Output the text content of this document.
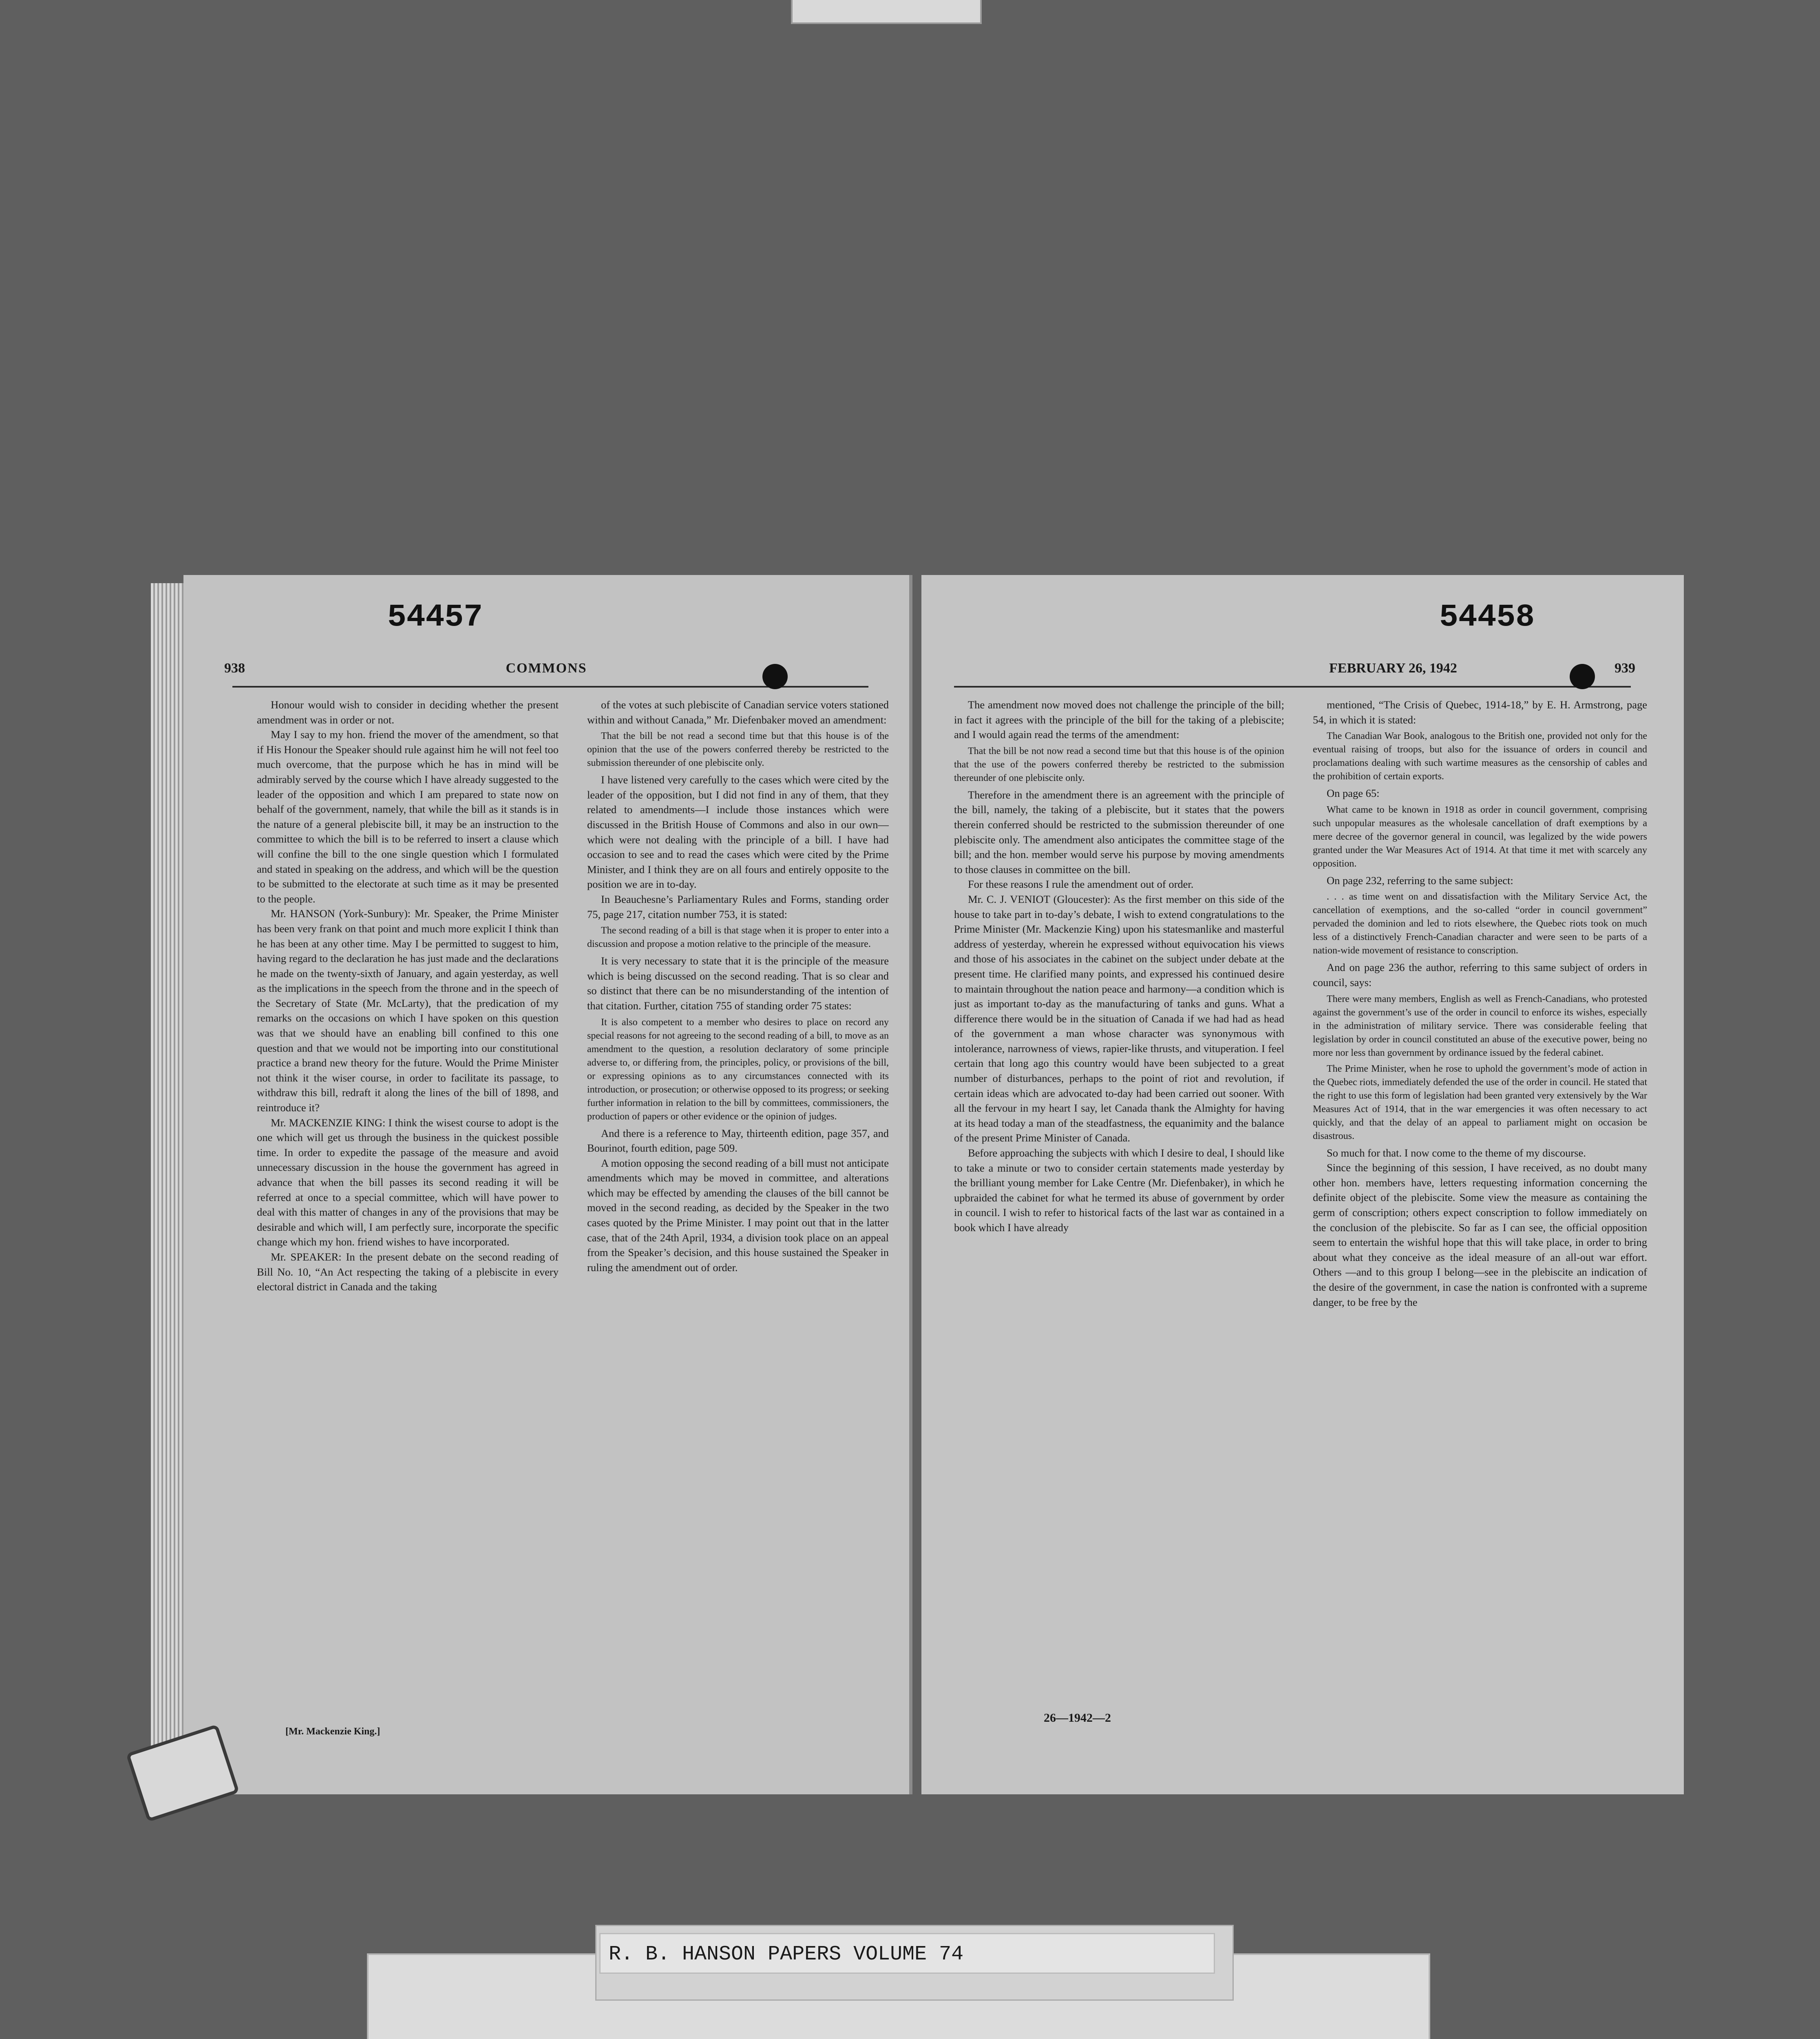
54457
938	COMMONS

Honour would wish to consider in deciding whether the present amendment was in order or not.

May I say to my hon. friend the mover of the amendment, so that if His Honour the Speaker should rule against him he will not feel too much overcome, that the purpose which he has in mind will be admirably served by the course which I have already suggested to the leader of the opposition and which I am prepared to state now on behalf of the government, namely, that while the bill as it stands is in the nature of a general plebiscite bill, it may be an instruction to the committee to which the bill is to be referred to insert a clause which will confine the bill to the one single question which I formulated and stated in speaking on the address, and which will be the question to be submitted to the electorate at such time as it may be presented to the people.

Mr. HANSON (York-Sunbury): Mr. Speaker, the Prime Minister has been very frank on that point and much more explicit I think than he has been at any other time. May I be permitted to suggest to him, having regard to the declaration he has just made and the declarations he made on the twenty-sixth of January, and again yesterday, as well as the implications in the speech from the throne and in the speech of the Secretary of State (Mr. McLarty), that the predication of my remarks on the occasions on which I have spoken on this question was that we should have an enabling bill confined to this one question and that we would not be importing into our constitutional practice a brand new theory for the future. Would the Prime Minister not think it the wiser course, in order to facilitate its passage, to withdraw this bill, redraft it along the lines of the bill of 1898, and reintroduce it?

Mr. MACKENZIE KING: I think the wisest course to adopt is the one which will get us through the business in the quickest possible time. In order to expedite the passage of the measure and avoid unnecessary discussion in the house the government has agreed in advance that when the bill passes its second reading it will be referred at once to a special committee, which will have power to deal with this matter of changes in any of the provisions that may be desirable and which will, I am perfectly sure, incorporate the specific change which my hon. friend wishes to have incorporated.

Mr. SPEAKER: In the present debate on the second reading of Bill No. 10, “An Act respecting the taking of a plebiscite in every electoral district in Canada and the taking

of the votes at such plebiscite of Canadian service voters stationed within and without Canada,” Mr. Diefenbaker moved an amendment:

That the bill be not read a second time but that this house is of the opinion that the use of the powers conferred thereby be restricted to the submission thereunder of one plebiscite only.

I have listened very carefully to the cases which were cited by the leader of the opposition, but I did not find in any of them, that they related to amendments—I include those instances which were discussed in the British House of Commons and also in our own—which were not dealing with the principle of a bill. I have had occasion to see and to read the cases which were cited by the Prime Minister, and I think they are on all fours and entirely opposite to the position we are in to-day.

In Beauchesne’s Parliamentary Rules and Forms, standing order 75, page 217, citation number 753, it is stated:

The second reading of a bill is that stage when it is proper to enter into a discussion and propose a motion relative to the principle of the measure.

It is very necessary to state that it is the principle of the measure which is being discussed on the second reading. That is so clear and so distinct that there can be no misunderstanding of the intention of that citation. Further, citation 755 of standing order 75 states:

It is also competent to a member who desires to place on record any special reasons for not agreeing to the second reading of a bill, to move as an amendment to the question, a resolution declaratory of some principle adverse to, or differing from, the principles, policy, or provisions of the bill, or expressing opinions as to any circumstances connected with its introduction, or prosecution; or otherwise opposed to its progress; or seeking further information in relation to the bill by committees, commissioners, the production of papers or other evidence or the opinion of judges.

And there is a reference to May, thirteenth edition, page 357, and Bourinot, fourth edition, page 509.

A motion opposing the second reading of a bill must not anticipate amendments which may be moved in committee, and alterations which may be effected by amending the clauses of the bill cannot be moved in the second reading, as decided by the Speaker in the two cases quoted by the Prime Minister. I may point out that in the latter case, that of the 24th April, 1934, a division took place on an appeal from the Speaker’s decision, and this house sustained the Speaker in ruling the amendment out of order.

[Mr. Mackenzie King.]
54458
FEBRUARY 26, 1942	939

The amendment now moved does not challenge the principle of the bill; in fact it agrees with the principle of the bill for the taking of a plebiscite; and I would again read the terms of the amendment:

That the bill be not now read a second time but that this house is of the opinion that the use of the powers conferred thereby be restricted to the submission thereunder of one plebiscite only.

Therefore in the amendment there is an agreement with the principle of the bill, namely, the taking of a plebiscite, but it states that the powers therein conferred should be restricted to the submission thereunder of one plebiscite only. The amendment also anticipates the committee stage of the bill; and the hon. member would serve his purpose by moving amendments to those clauses in committee on the bill.

For these reasons I rule the amendment out of order.

Mr. C. J. VENIOT (Gloucester): As the first member on this side of the house to take part in to-day’s debate, I wish to extend congratulations to the Prime Minister (Mr. Mackenzie King) upon his statesmanlike and masterful address of yesterday, wherein he expressed without equivocation his views and those of his associates in the cabinet on the subject under debate at the present time. He clarified many points, and expressed his continued desire to maintain throughout the nation peace and harmony—a condition which is just as important to-day as the manufacturing of tanks and guns. What a difference there would be in the situation of Canada if we had had as head of the government a man whose character was synonymous with intolerance, narrowness of views, rapier-like thrusts, and vituperation. I feel certain that long ago this country would have been subjected to a great number of disturbances, perhaps to the point of riot and revolution, if certain ideas which are advocated to-day had been carried out sooner. With all the fervour in my heart I say, let Canada thank the Almighty for having at its head today a man of the steadfastness, the equanimity and the balance of the present Prime Minister of Canada.

Before approaching the subjects with which I desire to deal, I should like to take a minute or two to consider certain statements made yesterday by the brilliant young member for Lake Centre (Mr. Diefenbaker), in which he upbraided the cabinet for what he termed its abuse of government by order in council. I wish to refer to historical facts of the last war as contained in a book which I have already

mentioned, “The Crisis of Quebec, 1914-18,” by E. H. Armstrong, page 54, in which it is stated:

The Canadian War Book, analogous to the British one, provided not only for the eventual raising of troops, but also for the issuance of orders in council and proclamations dealing with such wartime measures as the censorship of cables and the prohibition of certain exports.

On page 65:

What came to be known in 1918 as order in council government, comprising such unpopular measures as the wholesale cancellation of draft exemptions by a mere decree of the governor general in council, was legalized by the wide powers granted under the War Measures Act of 1914. At that time it met with scarcely any opposition.

On page 232, referring to the same subject:

. . . as time went on and dissatisfaction with the Military Service Act, the cancellation of exemptions, and the so-called “order in council government” pervaded the dominion and led to riots elsewhere, the Quebec riots took on much less of a distinctively French-Canadian character and were seen to be parts of a nation-wide movement of resistance to conscription.

And on page 236 the author, referring to this same subject of orders in council, says:

There were many members, English as well as French-Canadians, who protested against the government’s use of the order in council to enforce its wishes, especially in the administration of military service. There was considerable feeling that legislation by order in council constituted an abuse of the executive power, being no more nor less than government by ordinance issued by the federal cabinet.

The Prime Minister, when he rose to uphold the government’s mode of action in the Quebec riots, immediately defended the use of the order in council. He stated that the right to use this form of legislation had been granted very extensively by the War Measures Act of 1914, that in the war emergencies it was often necessary to act quickly, and that the delay of an appeal to parliament might on occasion be disastrous.

So much for that. I now come to the theme of my discourse.

Since the beginning of this session, I have received, as no doubt many other hon. members have, letters requesting information concerning the definite object of the plebiscite. Some view the measure as containing the germ of conscription; others expect conscription to follow immediately on the conclusion of the plebiscite. So far as I can see, the official opposition seem to entertain the wishful hope that this will take place, in order to bring about what they conceive as the ideal measure of an all-out war effort. Others —and to this group I belong—see in the plebiscite an indication of the desire of the government, in case the nation is confronted with a supreme danger, to be free by the

26—1942—2
R. B. HANSON PAPERS VOLUME 74
